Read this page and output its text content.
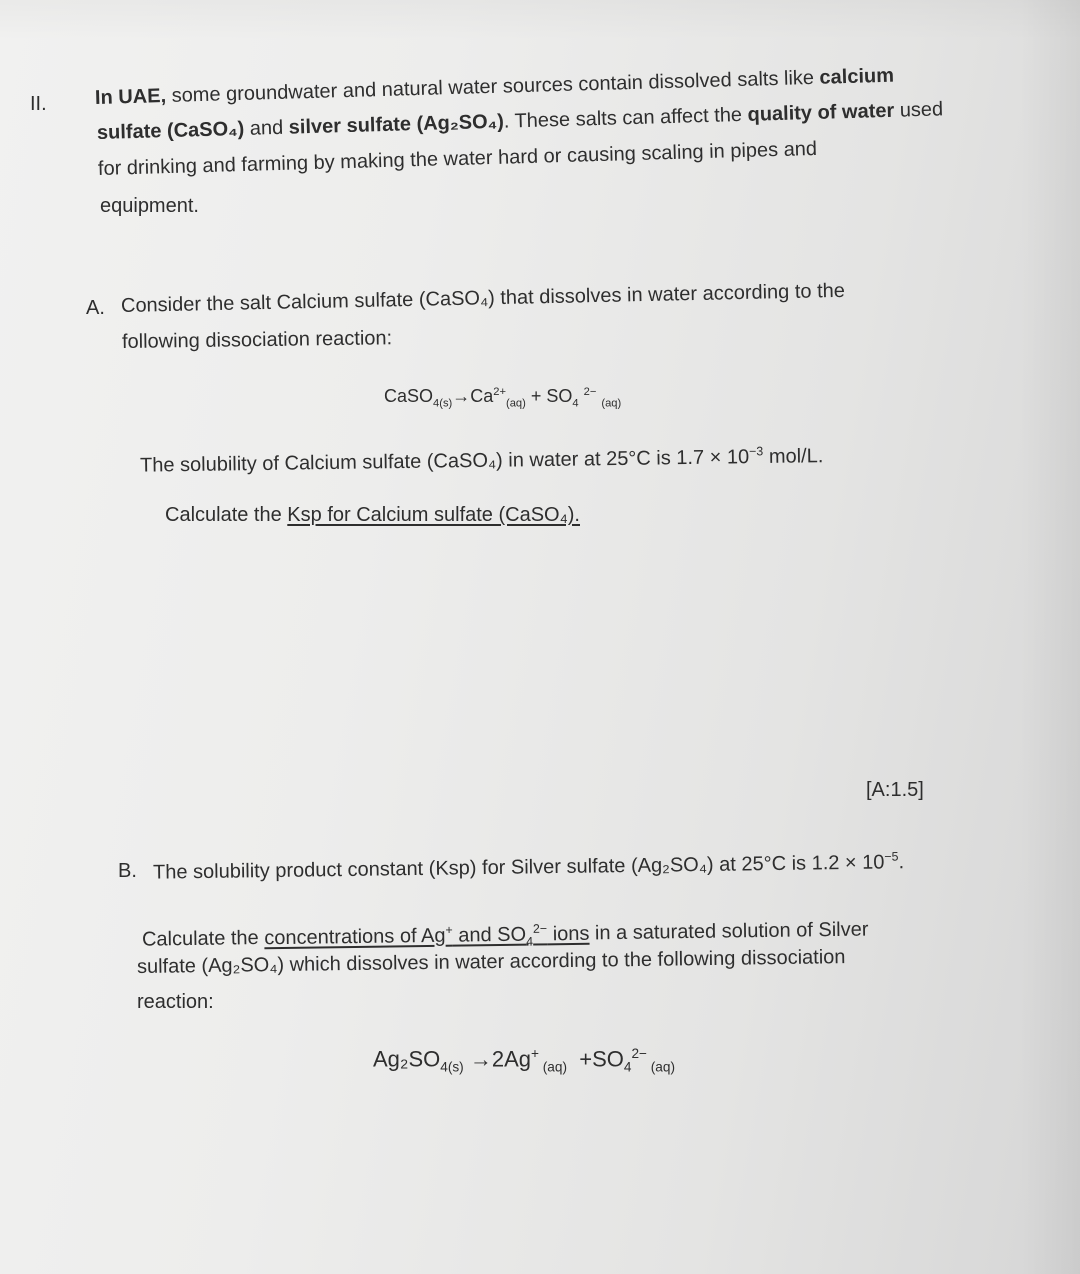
II. In UAE, some groundwater and natural water sources contain dissolved salts like calcium
sulfate (CaSO₄) and silver sulfate (Ag₂SO₄). These salts can affect the quality of water used
for drinking and farming by making the water hard or causing scaling in pipes and
equipment.
A. Consider the salt Calcium sulfate (CaSO₄) that dissolves in water according to the
following dissociation reaction:
$CaSO_{4(s)}\to Ca^{2+}_{(aq)} + SO_4$ $^{2-}$ $_{(aq)}$
The solubility of Calcium sulfate (CaSO₄) in water at 25°C is $1.7 \times 10^{-3}$ mol/L.
Calculate the Ksp for Calcium sulfate (CaSO₄).
[A:1.5]
B. The solubility product constant (Ksp) for Silver sulfate (Ag₂SO₄) at 25°C is $1.2 \times 10^{-5}$.
Calculate the concentrations of Ag+ and $SO_4^{2-}$ ions in a saturated solution of Silver
sulfate (Ag₂SO₄) which dissolves in water according to the following dissociation
reaction:
$Ag_2SO_{4(s)} \to 2Ag^+$ $_{(aq)} +SO_4^{2-}$ $_{(aq)}$
